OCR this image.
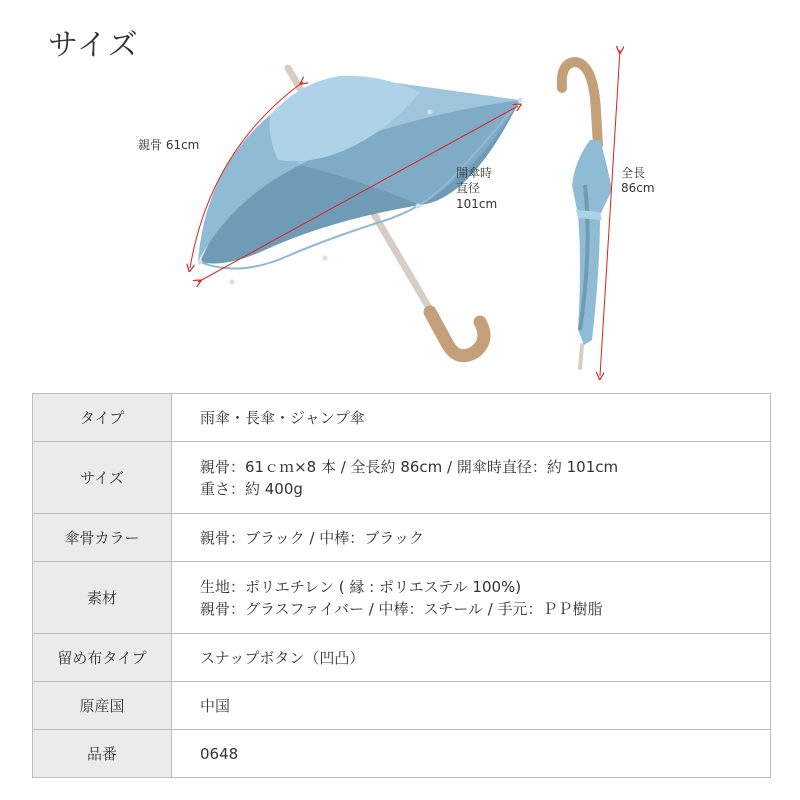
サイズ
親骨 61cm
開傘時
直径
101cm
全長
86cm
タイプ	雨傘・長傘・ジャンプ傘

サイズ	親骨：61ｃｍ×8 本 / 全長約 86cm / 開傘時直径：約 101cm
重さ：約 400g

傘骨カラー	親骨：ブラック / 中棒：ブラック

素材	生地：ポリエチレン ( 縁 : ポリエステル 100%)
親骨：グラスファイバー / 中棒：スチール / 手元：ＰＰ樹脂

留め布タイプ	スナップボタン（凹凸）

原産国	中国

品番	0648
